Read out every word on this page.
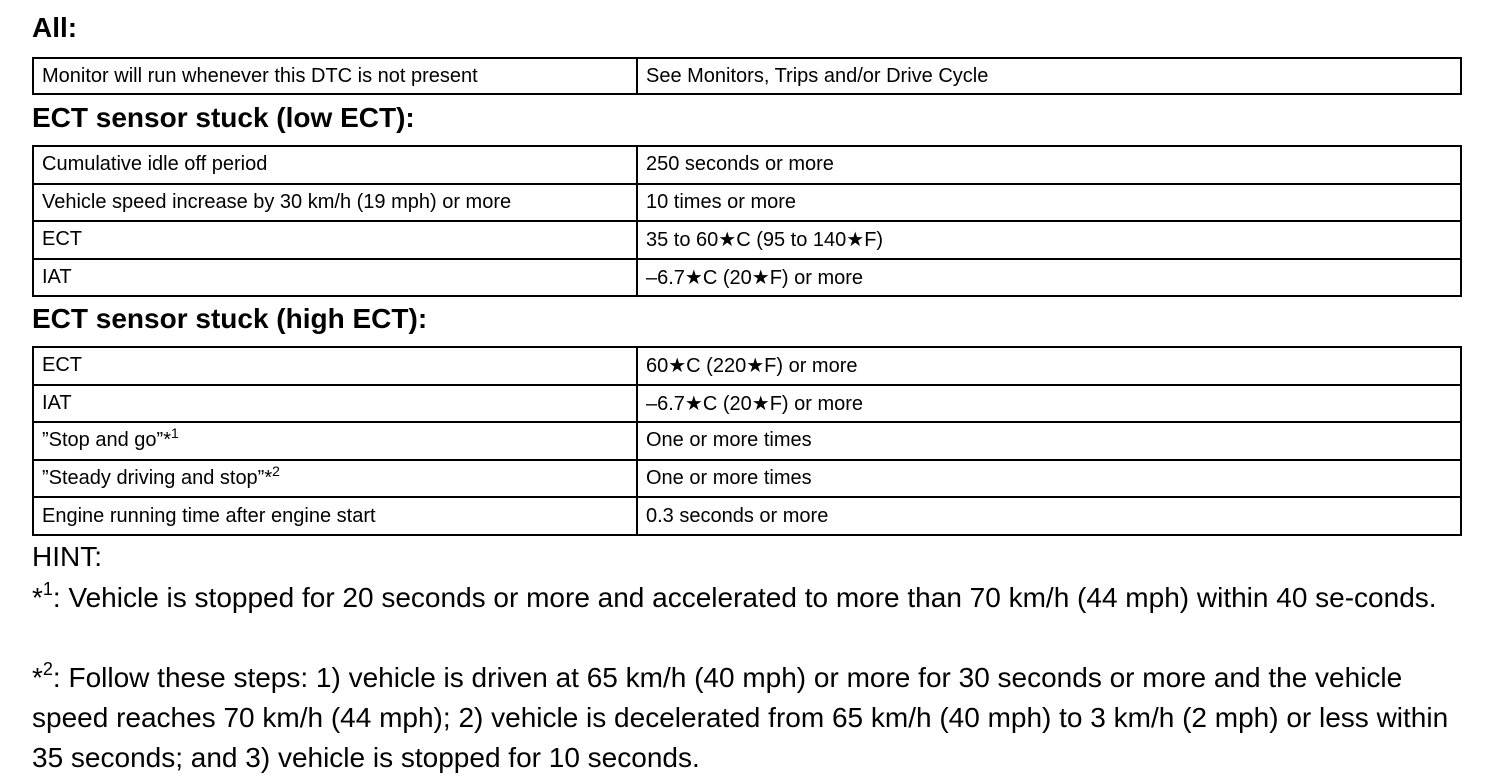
All:
Monitor will run whenever this DTC is not present	See Monitors, Trips and/or Drive Cycle
ECT sensor stuck (low ECT):
Cumulative idle off period	250 seconds or more
Vehicle speed increase by 30 km/h (19 mph) or more	10 times or more
ECT	35 to 60★C (95 to 140★F)
IAT	–6.7★C (20★F) or more
ECT sensor stuck (high ECT):
ECT	60★C (220★F) or more
IAT	–6.7★C (20★F) or more
”Stop and go”*$^1$	One or more times
”Steady driving and stop”*$^2$	One or more times
Engine running time after engine start	0.3 seconds or more

HINT:

*$^1$: Vehicle is stopped for 20 seconds or more and accelerated to more than 70 km/h (44 mph) within 40 se-conds.

*$^2$: Follow these steps: 1) vehicle is driven at 65 km/h (40 mph) or more for 30 seconds or more and the vehicle speed reaches 70 km/h (44 mph); 2) vehicle is decelerated from 65 km/h (40 mph) to 3 km/h (2 mph) or less within 35 seconds; and 3) vehicle is stopped for 10 seconds.
